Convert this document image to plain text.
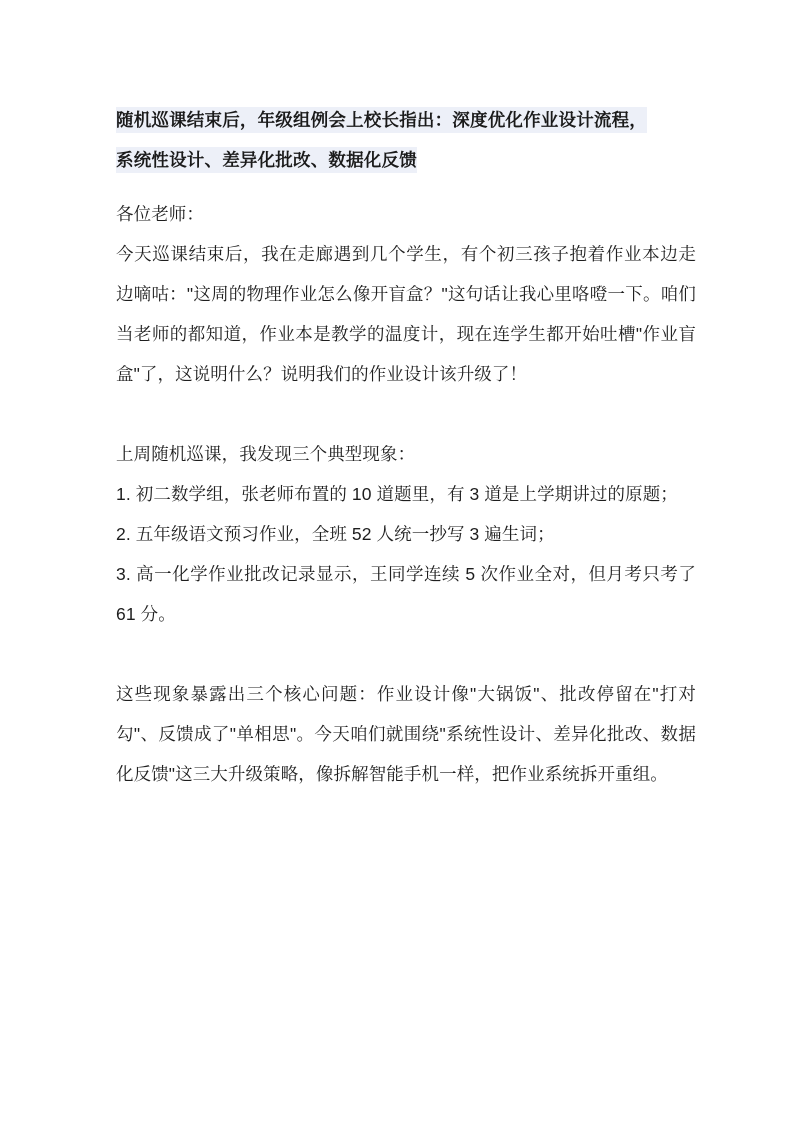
随机巡课结束后，年级组例会上校长指出：深度优化作业设计流程，
系统性设计、差异化批改、数据化反馈

各位老师：

今天巡课结束后，我在走廊遇到几个学生，有个初三孩子抱着作业本边走边嘀咕："这周的物理作业怎么像开盲盒？"这句话让我心里咯噔一下。咱们当老师的都知道，作业本是教学的温度计，现在连学生都开始吐槽"作业盲盒"了，这说明什么？说明我们的作业设计该升级了！

上周随机巡课，我发现三个典型现象：

1. 初二数学组，张老师布置的 10 道题里，有 3 道是上学期讲过的原题；

2. 五年级语文预习作业，全班 52 人统一抄写 3 遍生词；

3. 高一化学作业批改记录显示，王同学连续 5 次作业全对，但月考只考了 61 分。

这些现象暴露出三个核心问题：作业设计像"大锅饭"、批改停留在"打对勾"、反馈成了"单相思"。今天咱们就围绕"系统性设计、差异化批改、数据化反馈"这三大升级策略，像拆解智能手机一样，把作业系统拆开重组。
